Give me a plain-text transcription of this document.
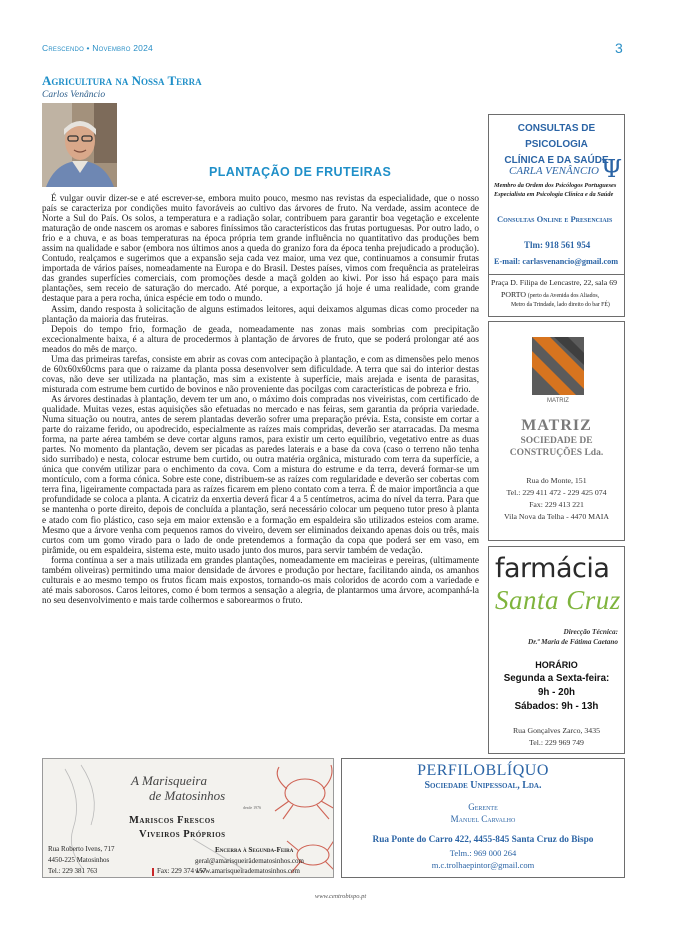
Crescendo • Novembro 2024	3
Agricultura na Nossa Terra
Carlos Venâncio
PLANTAÇÃO DE FRUTEIRAS

É vulgar ouvir dizer-se e até escrever-se, embora muito pouco, mesmo nas revistas da especialidade, que o nosso país se caracteriza por condições muito favoráveis ao cultivo das árvores de fruto. Na verdade, assim acontece de Norte a Sul do País. Os solos, a temperatura e a radiação solar, contribuem para garantir boa vegetação e excelente maturação de onde nascem os aromas e sabores finíssimos tão característicos das frutas portuguesas. Por outro lado, o frio e a chuva, e as boas temperaturas na época própria tem grande influência no quantitativo das produções bem assim na qualidade e sabor (embora nos últimos anos a queda do granizo fora da época tenha prejudicado a produção). Contudo, realçamos e sugerimos que a expansão seja cada vez maior, uma vez que, continuamos a consumir frutas importada de vários países, nomeadamente na Europa e do Brasil. Destes países, vimos com frequência as prateleiras das grandes superfícies comerciais, com promoções desde a maçã golden ao kiwi. Por isso há espaço para mais plantações, sem receio de saturação do mercado. Até porque, a exportação já hoje é uma realidade, com grande destaque para a pera rocha, única espécie em todo o mundo.

Assim, dando resposta à solicitação de alguns estimados leitores, aqui deixamos algumas dicas como proceder na plantação da maioria das fruteiras.

Depois do tempo frio, formação de geada, nomeadamente nas zonas mais sombrias com precipitação excecionalmente baixa, é a altura de procedermos à plantação de árvores de fruto, que se poderá prolongar até aos meados do mês de março.

Uma das primeiras tarefas, consiste em abrir as covas com antecipação à plantação, e com as dimensões pelo menos de 60x60x60cms para que o raizame da planta possa desenvolver sem dificuldade. A terra que sai do interior destas covas, não deve ser utilizada na plantação, mas sim a existente à superfície, mais arejada e isenta de parasitas, misturada com estrume bem curtido de bovinos e não proveniente das pocilgas com características de pobreza e frio.

As árvores destinadas à plantação, devem ter um ano, o máximo dois compradas nos viveiristas, com certificado de qualidade. Muitas vezes, estas aquisições são efetuadas no mercado e nas feiras, sem garantia da própria variedade. Numa situação ou noutra, antes de serem plantadas deverão sofrer uma preparação prévia. Esta, consiste em cortar a parte do raizame ferido, ou apodrecido, especialmente as raízes mais compridas, deverão ser atarracadas. Da mesma forma, na parte aérea também se deve cortar alguns ramos, para existir um certo equilíbrio, vegetativo entre as duas partes. No momento da plantação, devem ser picadas as paredes laterais e a base da cova (caso o terreno não tenha sido surribado) e nesta, colocar estrume bem curtido, ou outra matéria orgânica, misturado com terra da superfície, a única que convém utilizar para o enchimento da cova. Com a mistura do estrume e da terra, deverá formar-se um montículo, com a forma cónica. Sobre este cone, distribuem-se as raízes com regularidade e deverão ser cobertas com terra fina, ligeiramente compactada para as raízes ficarem em pleno contato com a terra. É de maior importância a que profundidade se coloca a planta. A cicatriz da enxertia deverá ficar 4 a 5 centímetros, acima do nível da terra. Para que se mantenha o porte direito, depois de concluída a plantação, será necessário colocar um pequeno tutor preso à planta e atado com fio plástico, caso seja em maior extensão e a formação em espaldeira são utilizados esteios com arame. Mesmo que a árvore venha com pequenos ramos do viveiro, devem ser eliminados deixando apenas dois ou três, mais curtos com um gomo virado para o lado de onde pretendemos a formação da copa que poderá ser em vaso, em pirâmide, ou em espaldeira, sistema este, muito usado junto dos muros, para servir também de vedação.

forma contínua a ser a mais utilizada em grandes plantações, nomeadamente em macieiras e pereiras, (ultimamente também oliveiras) permitindo uma maior densidade de árvores e produção por hectare, facilitando ainda, os amanhos culturais e ao mesmo tempo os frutos ficam mais expostos, tornando-os mais coloridos de acordo com a variedade e até mais saborosos. Caros leitores, como é bom termos a sensação a alegria, de plantarmos uma árvore, acompanhá-la no seu desenvolvimento e mais tarde colhermos e saborearmos o fruto.

CONSULTAS DE PSICOLOGIA
CLÍNICA E DA SAÚDE
CARLA VENÂNCIO Ψ
Membro da Ordem dos Psicólogos Portugueses
Especialista em Psicologia Clínica e da Saúde
Consultas Online e Presenciais
Tlm: 918 561 954
E-mail: carlasvenancio@gmail.com
Praça D. Filipa de Lencastre, 22, sala 69
PORTO (perto da Avenida dos Aliados,
Metro da Trindade, lado direito do bar FÉ)
MATRIZ
MATRIZ
SOCIEDADE DE
CONSTRUÇÕES Lda.
Rua do Monte, 151
Tel.: 229 411 472 - 229 425 074
Fax: 229 413 221
Vila Nova da Telha - 4470 MAIA
farmácia
Santa Cruz
Direcção Técnica:
Dr.ª Maria de Fátima Caetano
HORÁRIO
Segunda a Sexta-feira:
9h - 20h
Sábados: 9h - 13h
Rua Gonçalves Zarco, 3435
Tel.: 229 969 749
A Marisqueira
de Matosinhos
desde 1976
Mariscos Frescos
Viveiros Próprios
Rua Roberto Ivens, 717
4450-225 Matosinhos
Tel.: 229 381 763	Fax: 229 374 157
Encerra à Segunda-Feira
geral@amarisqueirädematosinhos.com
www.amarisqueiradematosinhos.com
PERFILOBLÍQUO
Sociedade Unipessoal, Lda.
Gerente
Manuel Carvalho
Rua Ponte do Carro 422, 4455-845 Santa Cruz do Bispo
Telm.: 969 000 264
m.c.trolhaepintor@gmail.com
www.centrobispo.pt
